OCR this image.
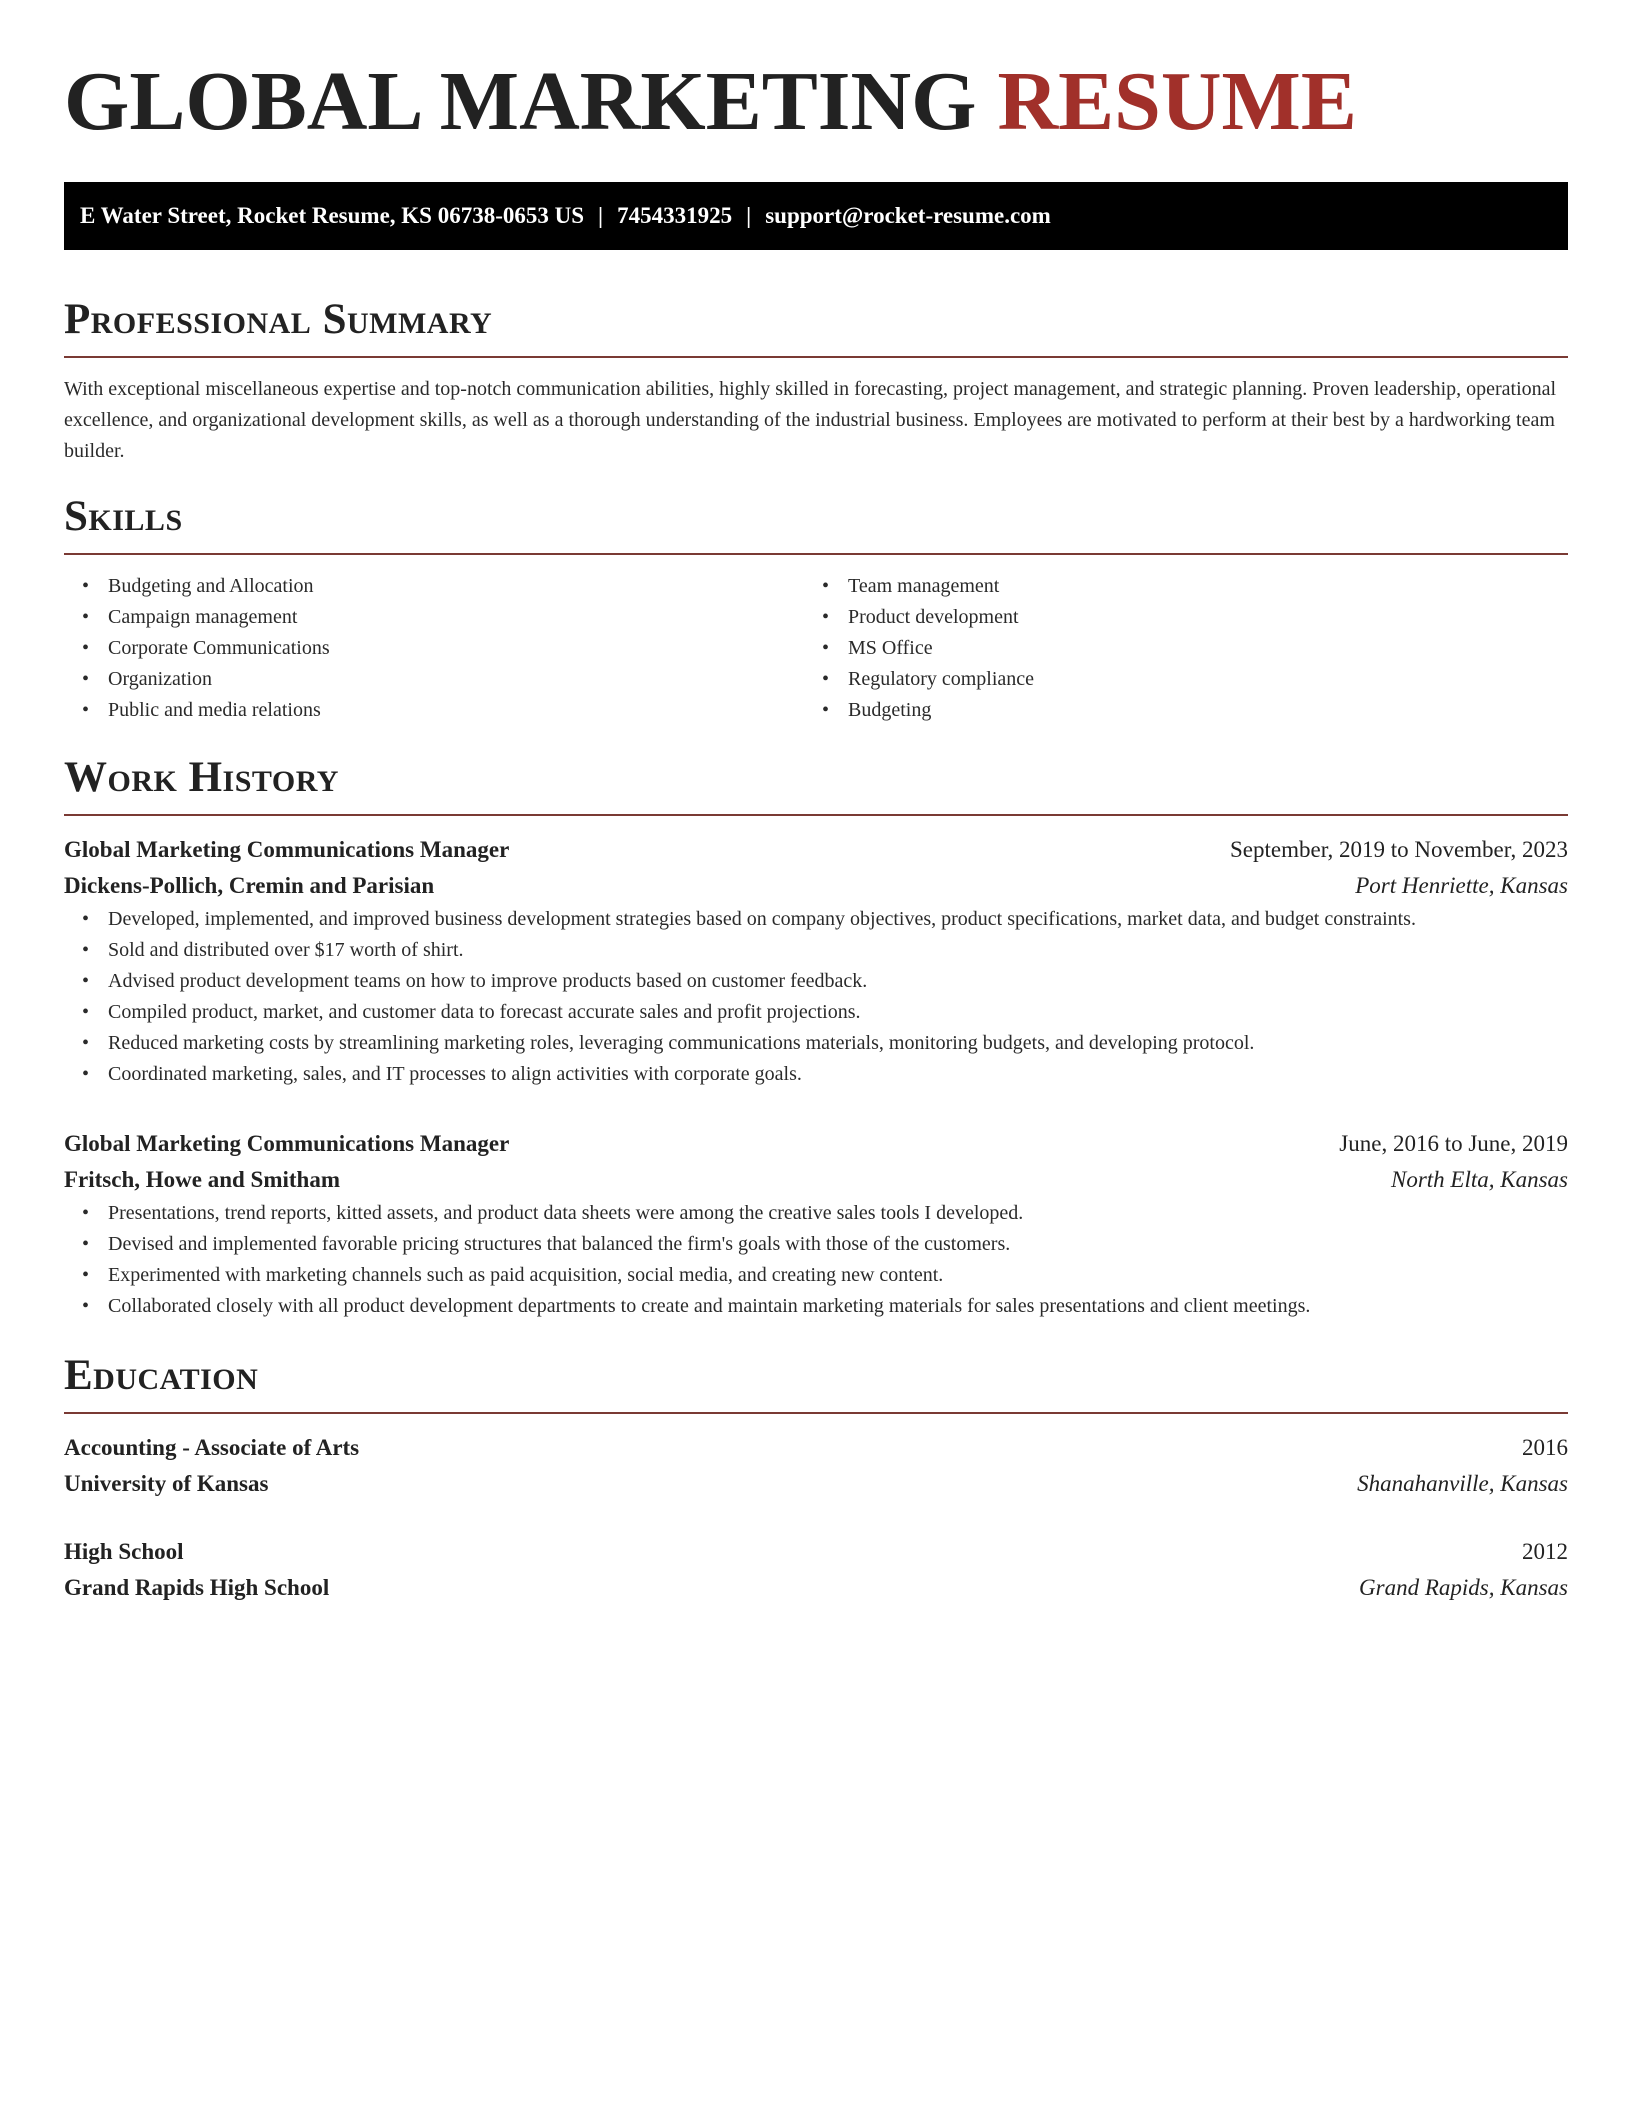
GLOBAL MARKETING RESUME
E Water Street, Rocket Resume, KS 06738-0653 US | 7454331925 | support@rocket-resume.com
Professional Summary

With exceptional miscellaneous expertise and top-notch communication abilities, highly skilled in forecasting, project management, and strategic planning. Proven leadership, operational excellence, and organizational development skills, as well as a thorough understanding of the industrial business. Employees are motivated to perform at their best by a hardworking team builder.

Skills
• Budgeting and Allocation
• Campaign management
• Corporate Communications
• Organization
• Public and media relations
• Team management
• Product development
• MS Office
• Regulatory compliance
• Budgeting
Work History
Global Marketing Communications Manager	September, 2019 to November, 2023
Dickens-Pollich, Cremin and Parisian	Port Henriette, Kansas
• Developed, implemented, and improved business development strategies based on company objectives, product specifications, market data, and budget constraints.
• Sold and distributed over $17 worth of shirt.
• Advised product development teams on how to improve products based on customer feedback.
• Compiled product, market, and customer data to forecast accurate sales and profit projections.
• Reduced marketing costs by streamlining marketing roles, leveraging communications materials, monitoring budgets, and developing protocol.
• Coordinated marketing, sales, and IT processes to align activities with corporate goals.
Global Marketing Communications Manager	June, 2016 to June, 2019
Fritsch, Howe and Smitham	North Elta, Kansas
• Presentations, trend reports, kitted assets, and product data sheets were among the creative sales tools I developed.
• Devised and implemented favorable pricing structures that balanced the firm's goals with those of the customers.
• Experimented with marketing channels such as paid acquisition, social media, and creating new content.
• Collaborated closely with all product development departments to create and maintain marketing materials for sales presentations and client meetings.
Education
Accounting - Associate of Arts	2016
University of Kansas	Shanahanville, Kansas
High School	2012
Grand Rapids High School	Grand Rapids, Kansas
